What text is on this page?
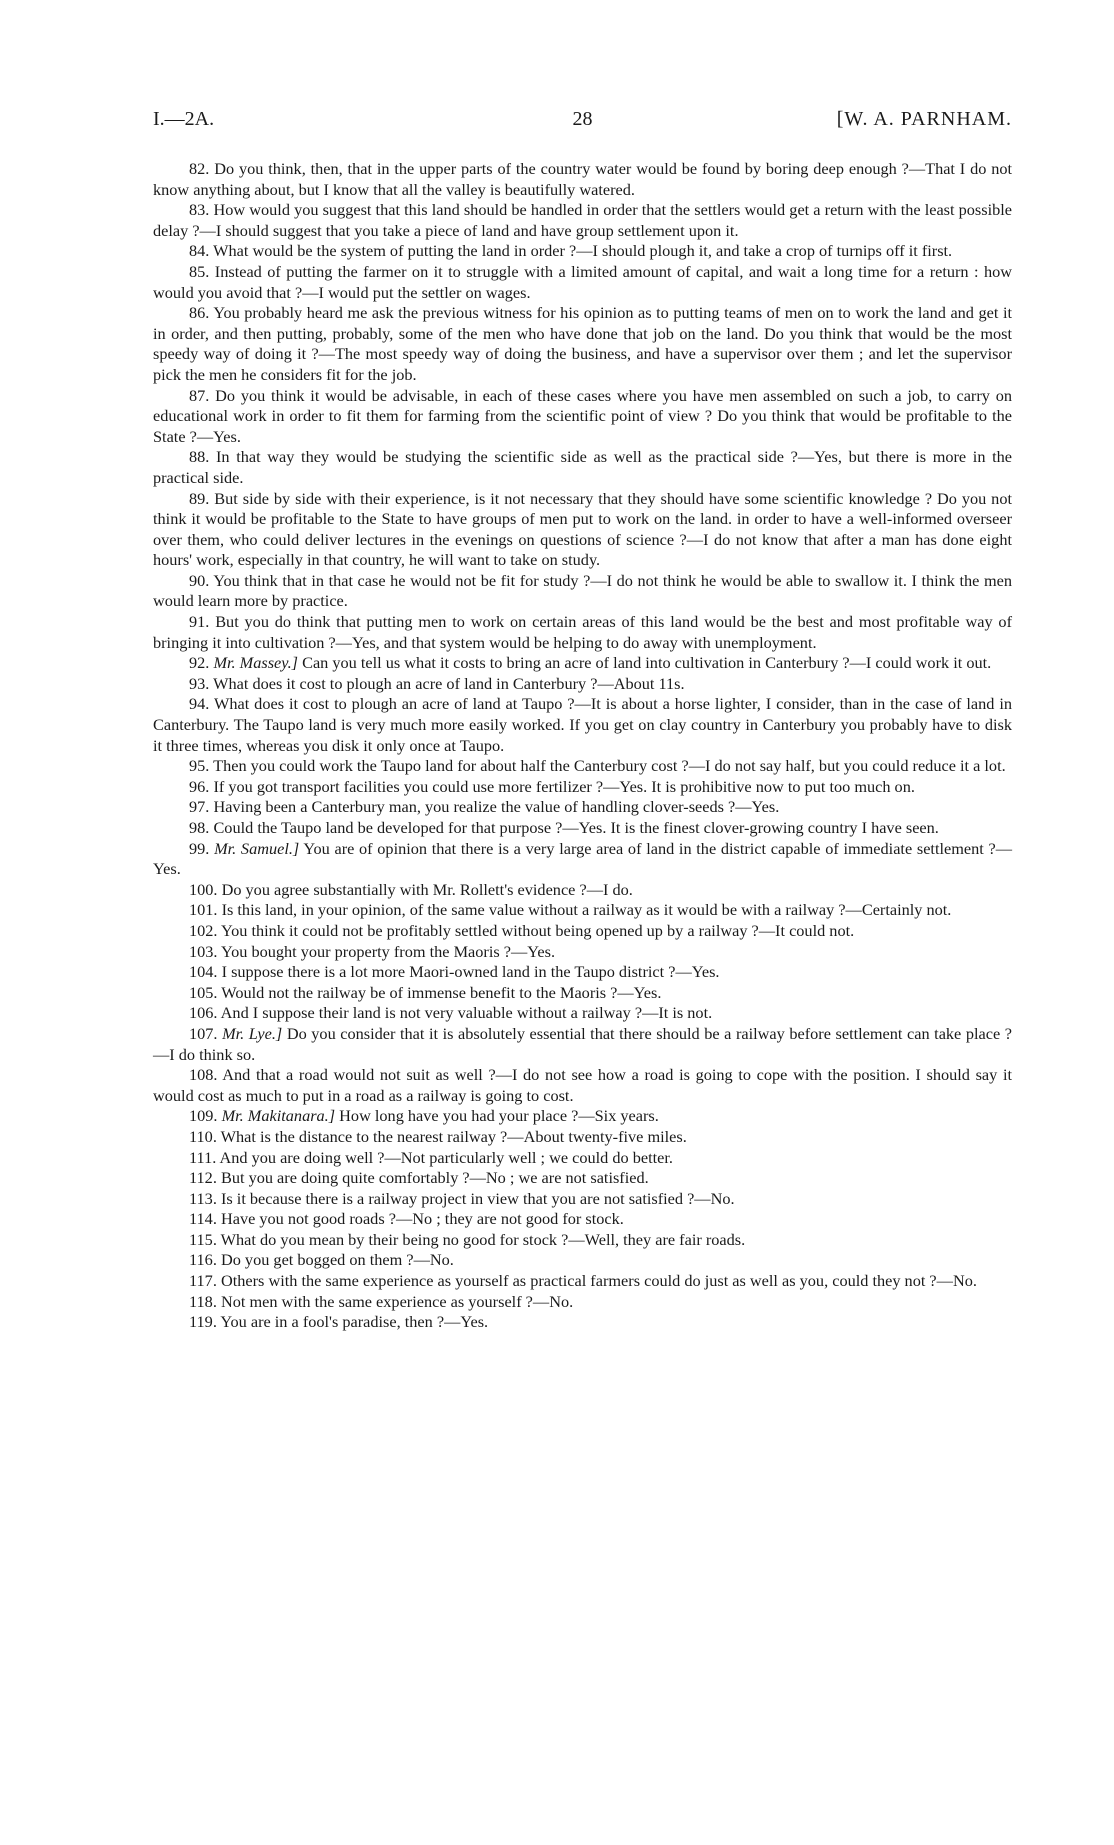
I.—2A.	28	[W. A. PARNHAM.

82. Do you think, then, that in the upper parts of the country water would be found by boring deep enough ?—That I do not know anything about, but I know that all the valley is beautifully watered.

83. How would you suggest that this land should be handled in order that the settlers would get a return with the least possible delay ?—I should suggest that you take a piece of land and have group settlement upon it.

84. What would be the system of putting the land in order ?—I should plough it, and take a crop of turnips off it first.

85. Instead of putting the farmer on it to struggle with a limited amount of capital, and wait a long time for a return : how would you avoid that ?—I would put the settler on wages.

86. You probably heard me ask the previous witness for his opinion as to putting teams of men on to work the land and get it in order, and then putting, probably, some of the men who have done that job on the land. Do you think that would be the most speedy way of doing it ?—The most speedy way of doing the business, and have a supervisor over them ; and let the supervisor pick the men he considers fit for the job.

87. Do you think it would be advisable, in each of these cases where you have men assembled on such a job, to carry on educational work in order to fit them for farming from the scientific point of view ? Do you think that would be profitable to the State ?—Yes.

88. In that way they would be studying the scientific side as well as the practical side ?—Yes, but there is more in the practical side.

89. But side by side with their experience, is it not necessary that they should have some scientific knowledge ? Do you not think it would be profitable to the State to have groups of men put to work on the land. in order to have a well-informed overseer over them, who could deliver lectures in the evenings on questions of science ?—I do not know that after a man has done eight hours' work, especially in that country, he will want to take on study.

90. You think that in that case he would not be fit for study ?—I do not think he would be able to swallow it. I think the men would learn more by practice.

91. But you do think that putting men to work on certain areas of this land would be the best and most profitable way of bringing it into cultivation ?—Yes, and that system would be helping to do away with unemployment.

92. Mr. Massey.] Can you tell us what it costs to bring an acre of land into cultivation in Canterbury ?—I could work it out.

93. What does it cost to plough an acre of land in Canterbury ?—About 11s.

94. What does it cost to plough an acre of land at Taupo ?—It is about a horse lighter, I consider, than in the case of land in Canterbury. The Taupo land is very much more easily worked. If you get on clay country in Canterbury you probably have to disk it three times, whereas you disk it only once at Taupo.

95. Then you could work the Taupo land for about half the Canterbury cost ?—I do not say half, but you could reduce it a lot.

96. If you got transport facilities you could use more fertilizer ?—Yes. It is prohibitive now to put too much on.

97. Having been a Canterbury man, you realize the value of handling clover-seeds ?—Yes.

98. Could the Taupo land be developed for that purpose ?—Yes. It is the finest clover-growing country I have seen.

99. Mr. Samuel.] You are of opinion that there is a very large area of land in the district capable of immediate settlement ?—Yes.

100. Do you agree substantially with Mr. Rollett's evidence ?—I do.

101. Is this land, in your opinion, of the same value without a railway as it would be with a railway ?—Certainly not.

102. You think it could not be profitably settled without being opened up by a railway ?—It could not.

103. You bought your property from the Maoris ?—Yes.

104. I suppose there is a lot more Maori-owned land in the Taupo district ?—Yes.

105. Would not the railway be of immense benefit to the Maoris ?—Yes.

106. And I suppose their land is not very valuable without a railway ?—It is not.

107. Mr. Lye.] Do you consider that it is absolutely essential that there should be a railway before settlement can take place ?—I do think so.

108. And that a road would not suit as well ?—I do not see how a road is going to cope with the position. I should say it would cost as much to put in a road as a railway is going to cost.

109. Mr. Makitanara.] How long have you had your place ?—Six years.

110. What is the distance to the nearest railway ?—About twenty-five miles.

111. And you are doing well ?—Not particularly well ; we could do better.

112. But you are doing quite comfortably ?—No ; we are not satisfied.

113. Is it because there is a railway project in view that you are not satisfied ?—No.

114. Have you not good roads ?—No ; they are not good for stock.

115. What do you mean by their being no good for stock ?—Well, they are fair roads.

116. Do you get bogged on them ?—No.

117. Others with the same experience as yourself as practical farmers could do just as well as you, could they not ?—No.

118. Not men with the same experience as yourself ?—No.

119. You are in a fool's paradise, then ?—Yes.
